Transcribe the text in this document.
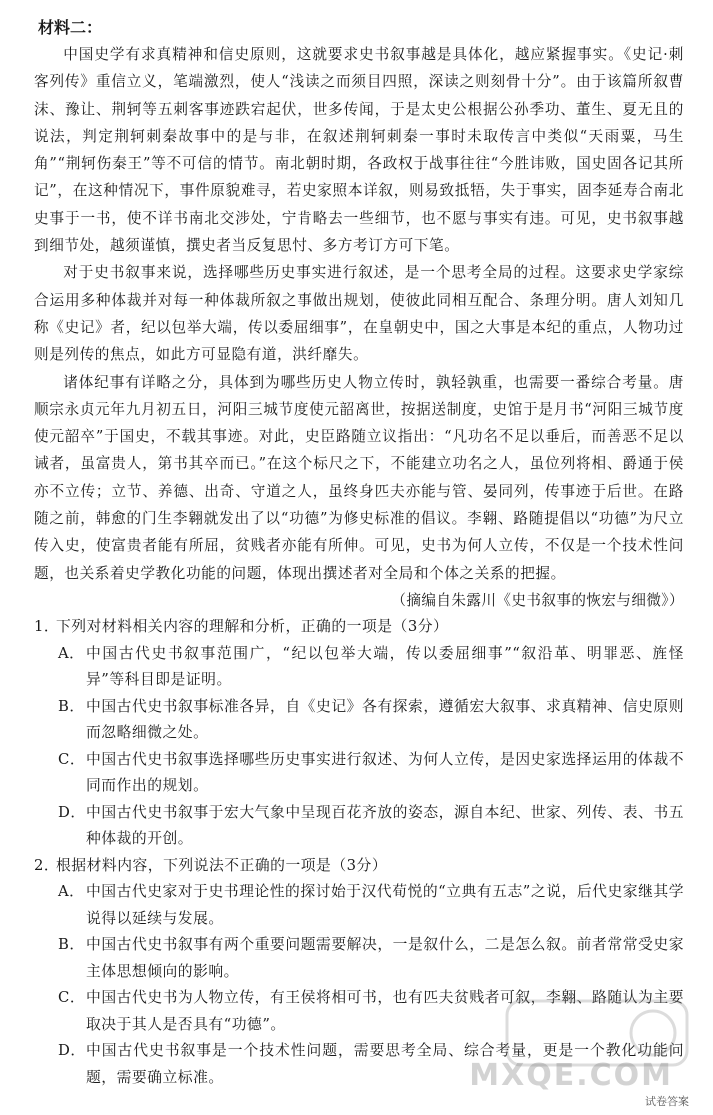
材料二：

中国史学有求真精神和信史原则，这就要求史书叙事越是具体化，越应紧握事实。《史记·刺客列传》重信立义，笔端激烈，使人“浅读之而须目四照，深读之则刻骨十分”。由于该篇所叙曹沫、豫让、荆轲等五刺客事迹跌宕起伏，世多传闻，于是太史公根据公孙季功、董生、夏无且的说法，判定荆轲刺秦故事中的是与非，在叙述荆轲刺秦一事时未取传言中类似“天雨粟，马生角”“荆轲伤秦王”等不可信的情节。南北朝时期，各政权于战事往往“今胜讳败，国史固各记其所记”，在这种情况下，事件原貌难寻，若史家照本详叙，则易致抵牾，失于事实，固李延寿合南北史事于一书，使不详书南北交涉处，宁肯略去一些细节，也不愿与事实有违。可见，史书叙事越到细节处，越须谨慎，撰史者当反复思忖、多方考订方可下笔。

对于史书叙事来说，选择哪些历史事实进行叙述，是一个思考全局的过程。这要求史学家综合运用多种体裁并对每一种体裁所叙之事做出规划，使彼此同相互配合、条理分明。唐人刘知几称《史记》者，纪以包举大端，传以委屈细事”，在皇朝史中，国之大事是本纪的重点，人物功过则是列传的焦点，如此方可显隐有道，洪纤靡失。

诸体纪事有详略之分，具体到为哪些历史人物立传时，孰轻孰重，也需要一番综合考量。唐顺宗永贞元年九月初五日，河阳三城节度使元韶离世，按据送制度，史馆于是月书“河阳三城节度使元韶卒”于国史，不载其事迹。对此，史臣路随立议指出：“凡功名不足以垂后，而善恶不足以诫者，虽富贵人，第书其卒而已。”在这个标尺之下，不能建立功名之人，虽位列将相、爵通于侯亦不立传；立节、养德、出奇、守道之人，虽终身匹夫亦能与管、晏同列，传事迹于后世。在路随之前，韩愈的门生李翱就发出了以“功德”为修史标准的倡议。李翱、路随提倡以“功德”为尺立传入史，使富贵者能有所屈，贫贱者亦能有所伸。可见，史书为何人立传，不仅是一个技术性问题，也关系着史学教化功能的问题，体现出撰述者对全局和个体之关系的把握。

（摘编自朱露川《史书叙事的恢宏与细微》）

1．下列对材料相关内容的理解和分析，正确的一项是（3分）

A． 中国古代史书叙事范围广，“纪以包举大端，传以委屈细事”“叙沿革、明罪恶、旌怪异”等科目即是证明。

B． 中国古代史书叙事标准各异，自《史记》各有探索，遵循宏大叙事、求真精神、信史原则而忽略细微之处。

C． 中国古代史书叙事选择哪些历史事实进行叙述、为何人立传，是因史家选择运用的体裁不同而作出的规划。

D． 中国古代史书叙事于宏大气象中呈现百花齐放的姿态，源自本纪、世家、列传、表、书五种体裁的开创。

2．根据材料内容，下列说法不正确的一项是（3分）

A． 中国古代史家对于史书理论性的探讨始于汉代荀悦的“立典有五志”之说，后代史家继其学说得以延续与发展。

B． 中国古代史书叙事有两个重要问题需要解决，一是叙什么，二是怎么叙。前者常常受史家主体思想倾向的影响。

C． 中国古代史书为人物立传，有王侯将相可书，也有匹夫贫贱者可叙，李翱、路随认为主要取决于其人是否具有“功德”。

D． 中国古代史书叙事是一个技术性问题，需要思考全局、综合考量，更是一个教化功能问题，需要确立标准。	MXQE.COM
试卷答案
